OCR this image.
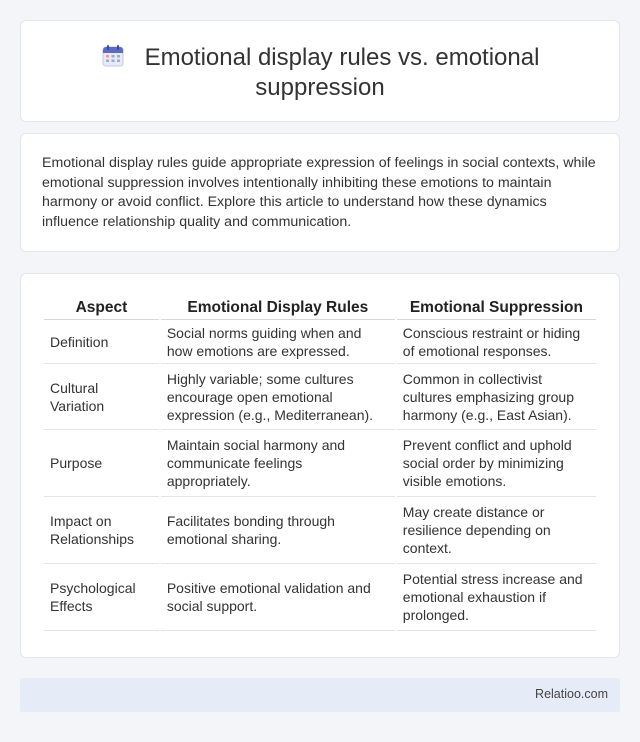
Emotional display rules vs. emotional suppression

Emotional display rules guide appropriate expression of feelings in social contexts, while emotional suppression involves intentionally inhibiting these emotions to maintain harmony or avoid conflict. Explore this article to understand how these dynamics influence relationship quality and communication.

Aspect	Emotional Display Rules	Emotional Suppression
Definition	Social norms guiding when and how emotions are expressed.	Conscious restraint or hiding of emotional responses.
Cultural Variation	Highly variable; some cultures encourage open emotional expression (e.g., Mediterranean).	Common in collectivist cultures emphasizing group harmony (e.g., East Asian).
Purpose	Maintain social harmony and communicate feelings appropriately.	Prevent conflict and uphold social order by minimizing visible emotions.
Impact on Relationships	Facilitates bonding through emotional sharing.	May create distance or resilience depending on context.
Psychological Effects	Positive emotional validation and social support.	Potential stress increase and emotional exhaustion if prolonged.
Relatioo.com
